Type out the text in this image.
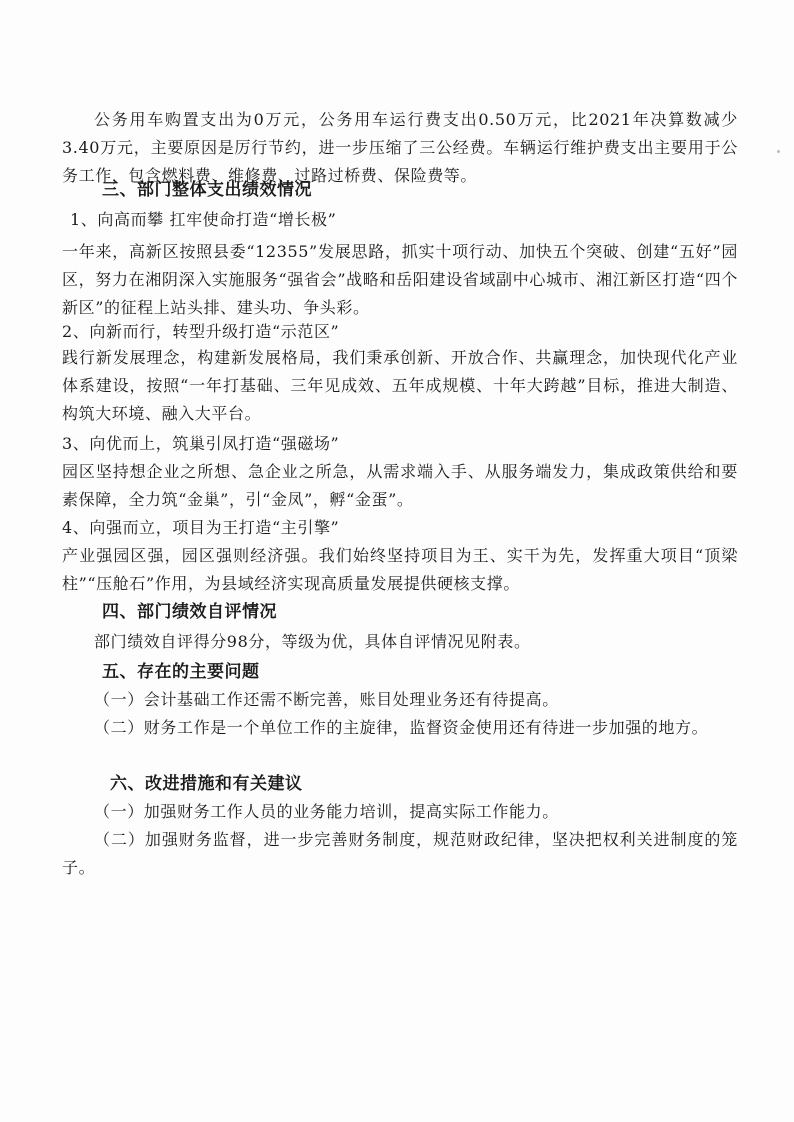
公务用车购置支出为0万元，公务用车运行费支出0.50万元，比2021年决算数减少3.40万元，主要原因是厉行节约，进一步压缩了三公经费。车辆运行维护费支出主要用于公务工作，包含燃料费、维修费、过路过桥费、保险费等。

三、部门整体支出绩效情况

1、向高而攀 扛牢使命打造“增长极”

一年来，高新区按照县委“12355”发展思路，抓实十项行动、加快五个突破、创建“五好”园区，努力在湘阴深入实施服务“强省会”战略和岳阳建设省域副中心城市、湘江新区打造“四个新区”的征程上站头排、建头功、争头彩。

2、向新而行，转型升级打造“示范区”

践行新发展理念，构建新发展格局，我们秉承创新、开放合作、共赢理念，加快现代化产业体系建设，按照“一年打基础、三年见成效、五年成规模、十年大跨越”目标，推进大制造、构筑大环境、融入大平台。

3、向优而上，筑巢引凤打造“强磁场”

园区坚持想企业之所想、急企业之所急，从需求端入手、从服务端发力，集成政策供给和要素保障，全力筑“金巢”，引“金凤”，孵“金蛋”。

4、向强而立，项目为王打造“主引擎”

产业强园区强，园区强则经济强。我们始终坚持项目为王、实干为先，发挥重大项目“顶梁柱”“压舱石”作用，为县域经济实现高质量发展提供硬核支撑。

四、部门绩效自评情况

部门绩效自评得分98分，等级为优，具体自评情况见附表。

五、存在的主要问题

（一）会计基础工作还需不断完善，账目处理业务还有待提高。

（二）财务工作是一个单位工作的主旋律，监督资金使用还有待进一步加强的地方。

六、改进措施和有关建议

（一）加强财务工作人员的业务能力培训，提高实际工作能力。

（二）加强财务监督，进一步完善财务制度，规范财政纪律，坚决把权利关进制度的笼子。
